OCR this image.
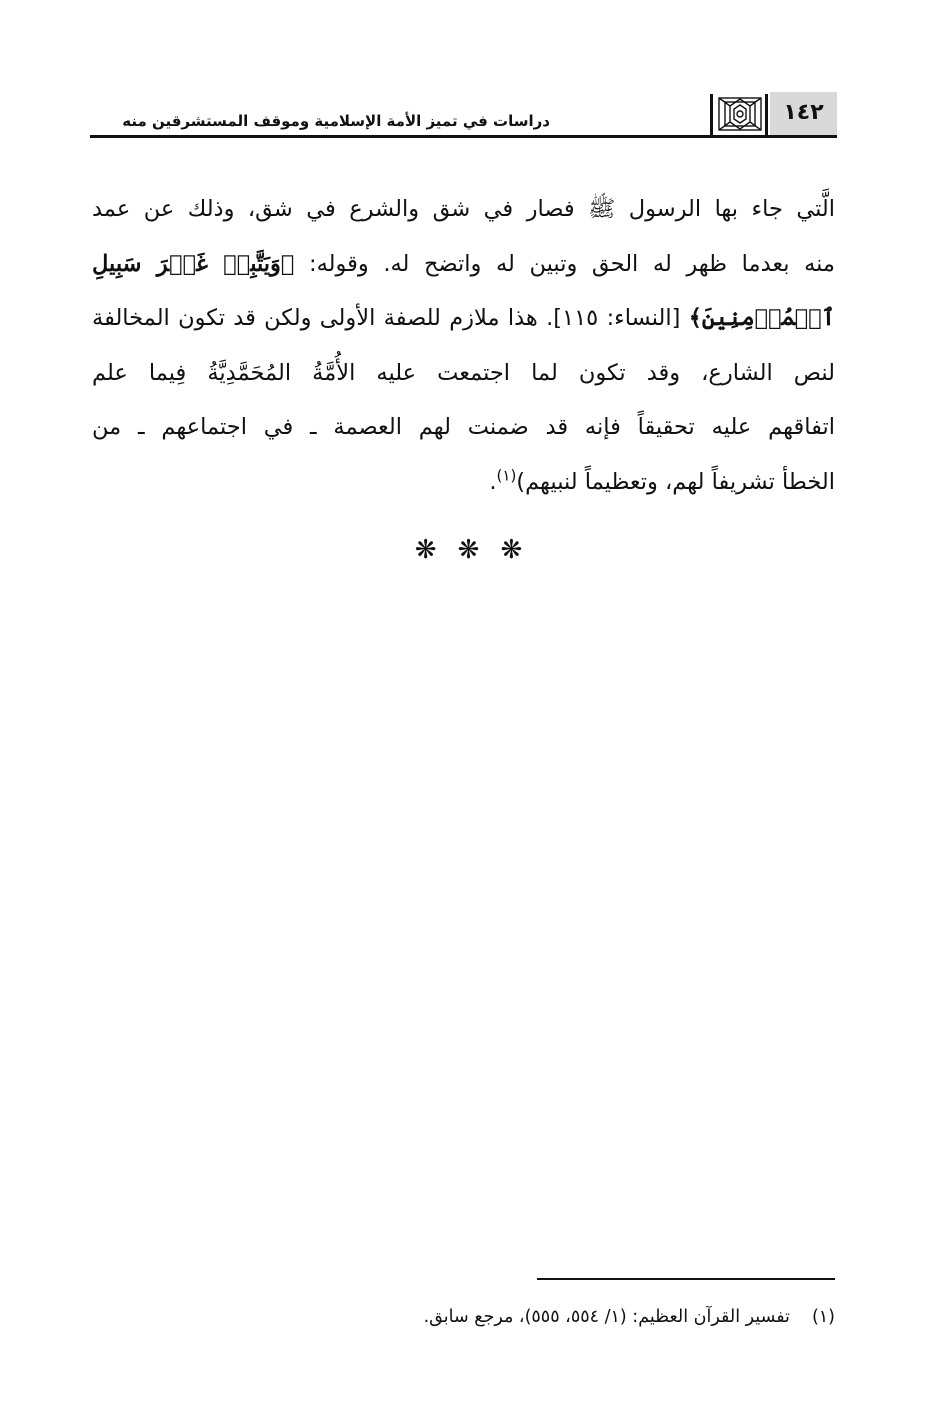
دراسات في تميز الأمة الإسلامية وموقف المستشرقين منه	١٤٢
الَّتي جاء بها الرسول ﷺ فصار في شق والشرع في شق، وذلك عن عمد
منه بعدما ظهر له الحق وتبين له واتضح له. وقوله: ﴿وَيَتَّبِعۡ غَيۡرَ سَبِيلِ
ٱلۡمُؤۡمِنِينَ﴾ [النساء: ١١٥]. هذا ملازم للصفة الأولى ولكن قد تكون المخالفة
لنص الشارع، وقد تكون لما اجتمعت عليه الأُمَّةُ المُحَمَّدِيَّةُ فِيما علم
اتفاقهم عليه تحقيقاً فإنه قد ضمنت لهم العصمة ـ في اجتماعهم ـ من
الخطأ تشريفاً لهم، وتعظيماً لنبيهم)$^{(١)}$.
❋ ❋ ❋
(١)تفسير القرآن العظيم: (١/ ٥٥٤، ٥٥٥)، مرجع سابق.
